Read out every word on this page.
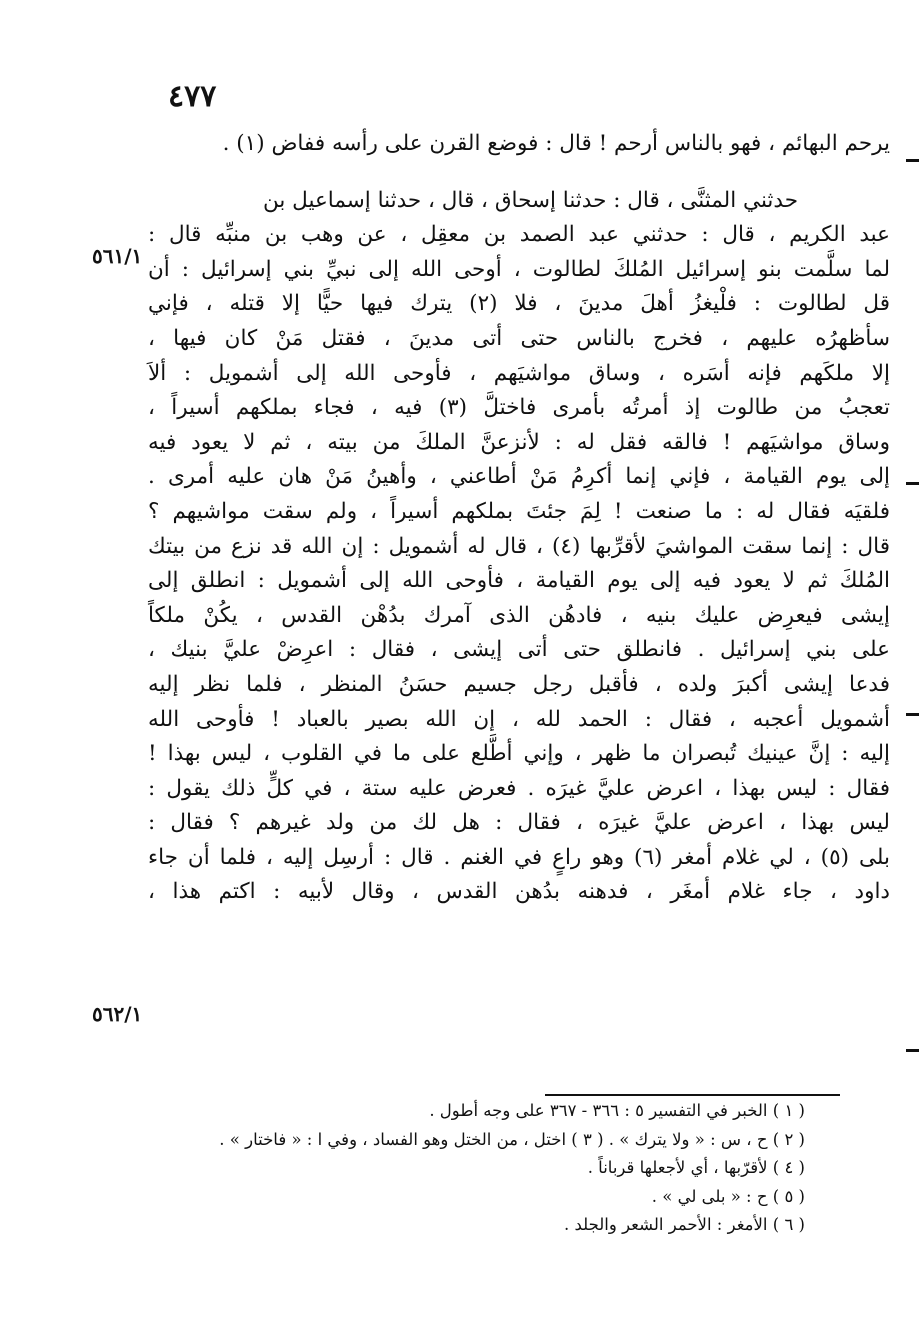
٤٧٧
يرحم البهائم ، فهو بالناس أرحم ! قال : فوضع القرن على رأسه ففاض (١) .
حدثني المثنَّى ، قال : حدثنا إسحاق ، قال ، حدثنا إسماعيل بن
عبد الكريم ، قال : حدثني عبد الصمد بن معقِل ، عن وهب بن منبِّه قال :
لما سلَّمت بنو إسرائيل المُلكَ لطالوت ، أوحى الله إلى نبيِّ بني إسرائيل : أن
قل لطالوت : فلْيغزُ أهلَ مدينَ ، فلا (٢) يترك فيها حيًّا إلا قتله ، فإني
سأظهرُه عليهم ، فخرج بالناس حتى أتى مدينَ ، فقتل مَنْ كان فيها ،
إلا ملكَهم فإنه أسَره ، وساق مواشيَهم ، فأوحى الله إلى أشمويل : ألاَ
تعجبُ من طالوت إذ أمرتُه بأمرى فاختلَّ (٣) فيه ، فجاء بملكهم أسيراً ،
وساق مواشيَهم ! فالقه فقل له : لأنزعنَّ الملكَ من بيته ، ثم لا يعود فيه
إلى يوم القيامة ، فإني إنما أكرِمُ مَنْ أطاعني ، وأهينُ مَنْ هان عليه أمرى .
فلقيَه فقال له : ما صنعت ! لِمَ جئتَ بملكهم أسيراً ، ولم سقت مواشيهم ؟
قال : إنما سقت المواشيَ لأقرِّبها (٤) ، قال له أشمويل : إن الله قد نزع من بيتك
المُلكَ ثم لا يعود فيه إلى يوم القيامة ، فأوحى الله إلى أشمويل : انطلق إلى
إيشى فيعرِض عليك بنيه ، فادهُن الذى آمرك بدُهْن القدس ، يكُنْ ملكاً
على بني إسرائيل . فانطلق حتى أتى إيشى ، فقال : اعرِضْ عليَّ بنيك ،
فدعا إيشى أكبرَ ولده ، فأقبل رجل جسيم حسَنُ المنظر ، فلما نظر إليه
أشمويل أعجبه ، فقال : الحمد لله ، إن الله بصير بالعباد ! فأوحى الله
إليه : إنَّ عينيك تُبصران ما ظهر ، وإني أطَّلع على ما في القلوب ، ليس بهذا !
فقال : ليس بهذا ، اعرض عليَّ غيرَه . فعرض عليه ستة ، في كلٍّ ذلك يقول :
ليس بهذا ، اعرض عليَّ غيرَه ، فقال : هل لك من ولد غيرهم ؟ فقال :
بلى (٥) ، لي غلام أمغر (٦) وهو راعٍ في الغنم . قال : أرسِل إليه ، فلما أن جاء
داود ، جاء غلام أمغَر ، فدهنه بدُهن القدس ، وقال لأبيه : اكتم هذا ،
٥٦١/١
٥٦٢/١
( ١ ) الخبر في التفسير ٥ : ٣٦٦ - ٣٦٧ على وجه أطول .
( ٢ ) ح ، س : « ولا يترك » . ( ٣ ) اختل ، من الختل وهو الفساد ، وفي ا : « فاختار » .
( ٤ ) لأقرّبها ، أي لأجعلها قرباناً .
( ٥ ) ح : « بلى لي » .
( ٦ ) الأمغر : الأحمر الشعر والجلد .
